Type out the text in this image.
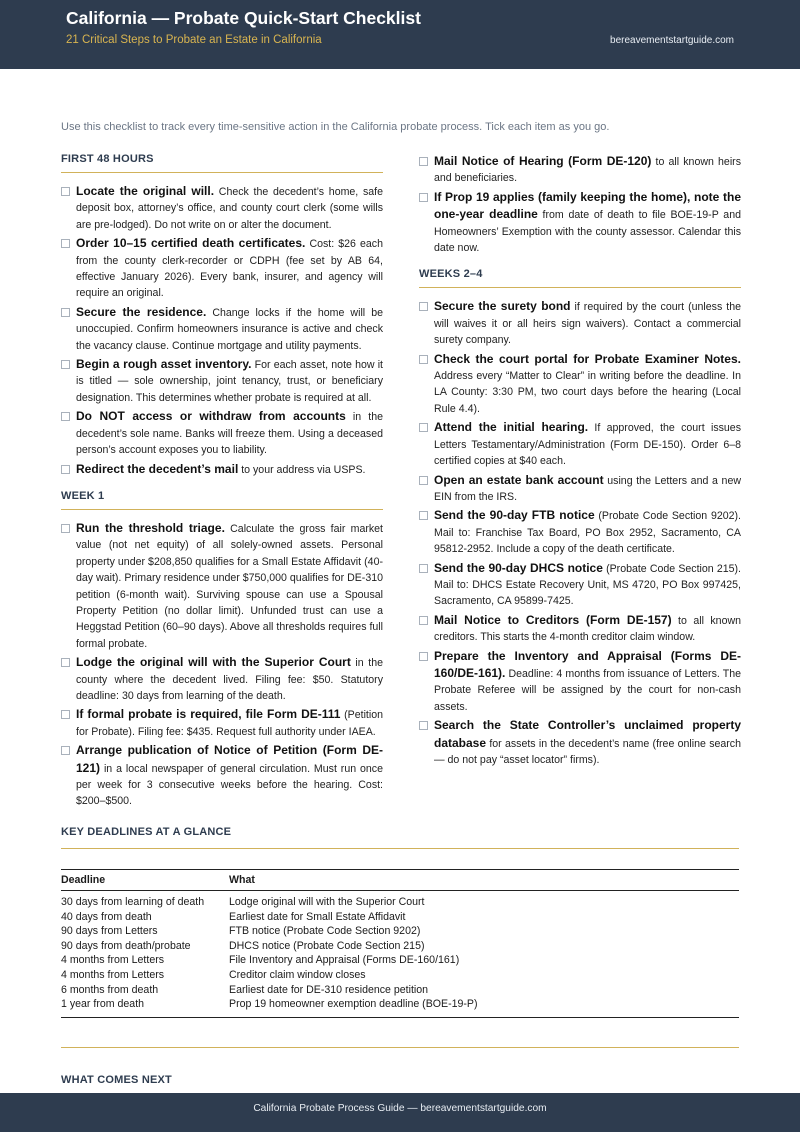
California — Probate Quick-Start Checklist
21 Critical Steps to Probate an Estate in California	bereavementstartguide.com
Use this checklist to track every time-sensitive action in the California probate process. Tick each item as you go.
FIRST 48 HOURS
Locate the original will. Check the decedent’s home, safe deposit box, attorney’s office, and county court clerk (some wills are pre-lodged). Do not write on or alter the document.
Order 10–15 certified death certificates. Cost: $26 each from the county clerk-recorder or CDPH (fee set by AB 64, effective January 2026). Every bank, insurer, and agency will require an original.
Secure the residence. Change locks if the home will be unoccupied. Confirm homeowners insurance is active and check the vacancy clause. Continue mortgage and utility payments.
Begin a rough asset inventory. For each asset, note how it is titled — sole ownership, joint tenancy, trust, or beneficiary designation. This determines whether probate is required at all.
Do NOT access or withdraw from accounts in the decedent’s sole name. Banks will freeze them. Using a deceased person’s account exposes you to liability.
Redirect the decedent’s mail to your address via USPS.
WEEK 1
Run the threshold triage. Calculate the gross fair market value (not net equity) of all solely-owned assets. Personal property under $208,850 qualifies for a Small Estate Affidavit (40-day wait). Primary residence under $750,000 qualifies for DE-310 petition (6-month wait). Surviving spouse can use a Spousal Property Petition (no dollar limit). Unfunded trust can use a Heggstad Petition (60–90 days). Above all thresholds requires full formal probate.
Lodge the original will with the Superior Court in the county where the decedent lived. Filing fee: $50. Statutory deadline: 30 days from learning of the death.
If formal probate is required, file Form DE-111 (Petition for Probate). Filing fee: $435. Request full authority under IAEA.
Arrange publication of Notice of Petition (Form DE-121) in a local newspaper of general circulation. Must run once per week for 3 consecutive weeks before the hearing. Cost: $200–$500.
Mail Notice of Hearing (Form DE-120) to all known heirs and beneficiaries.
If Prop 19 applies (family keeping the home), note the one-year deadline from date of death to file BOE-19-P and Homeowners’ Exemption with the county assessor. Calendar this date now.
WEEKS 2–4
Secure the surety bond if required by the court (unless the will waives it or all heirs sign waivers). Contact a commercial surety company.
Check the court portal for Probate Examiner Notes. Address every “Matter to Clear” in writing before the deadline. In LA County: 3:30 PM, two court days before the hearing (Local Rule 4.4).
Attend the initial hearing. If approved, the court issues Letters Testamentary/Administration (Form DE-150). Order 6–8 certified copies at $40 each.
Open an estate bank account using the Letters and a new EIN from the IRS.
Send the 90-day FTB notice (Probate Code Section 9202). Mail to: Franchise Tax Board, PO Box 2952, Sacramento, CA 95812-2952. Include a copy of the death certificate.
Send the 90-day DHCS notice (Probate Code Section 215). Mail to: DHCS Estate Recovery Unit, MS 4720, PO Box 997425, Sacramento, CA 95899-7425.
Mail Notice to Creditors (Form DE-157) to all known creditors. This starts the 4-month creditor claim window.
Prepare the Inventory and Appraisal (Forms DE-160/DE-161). Deadline: 4 months from issuance of Letters. The Probate Referee will be assigned by the court for non-cash assets.
Search the State Controller’s unclaimed property database for assets in the decedent’s name (free online search — do not pay “asset locator” firms).
KEY DEADLINES AT A GLANCE
Deadline	What
30 days from learning of death	Lodge original will with the Superior Court
40 days from death	Earliest date for Small Estate Affidavit
90 days from Letters	FTB notice (Probate Code Section 9202)
90 days from death/probate	DHCS notice (Probate Code Section 215)
4 months from Letters	File Inventory and Appraisal (Forms DE-160/161)
4 months from Letters	Creditor claim window closes
6 months from death	Earliest date for DE-310 residence petition
1 year from death	Prop 19 homeowner exemption deadline (BOE-19-P)
WHAT COMES NEXT
California Probate Process Guide — bereavementstartguide.com
